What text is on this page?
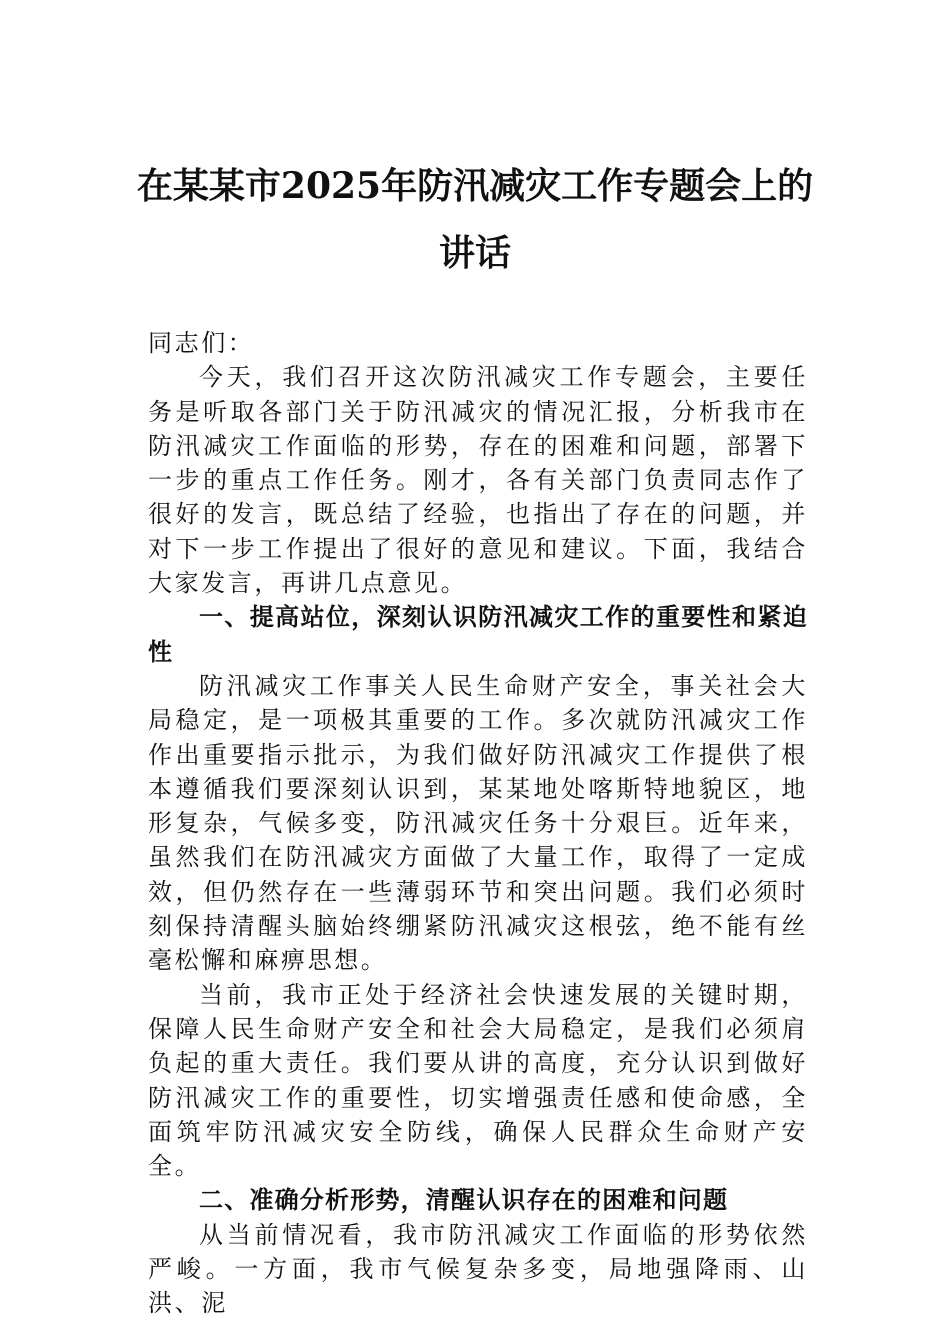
在某某市2025年防汛减灾工作专题会上的
讲话

同志们：

今天，我们召开这次防汛减灾工作专题会，主要任务是听取各部门关于防汛减灾的情况汇报，分析我市在防汛减灾工作面临的形势，存在的困难和问题，部署下一步的重点工作任务。刚才，各有关部门负责同志作了很好的发言，既总结了经验，也指出了存在的问题，并对下一步工作提出了很好的意见和建议。下面，我结合大家发言，再讲几点意见。

一、提高站位，深刻认识防汛减灾工作的重要性和紧迫性

防汛减灾工作事关人民生命财产安全，事关社会大局稳定，是一项极其重要的工作。多次就防汛减灾工作作出重要指示批示，为我们做好防汛减灾工作提供了根本遵循我们要深刻认识到，某某地处喀斯特地貌区，地形复杂，气候多变，防汛减灾任务十分艰巨。近年来，虽然我们在防汛减灾方面做了大量工作，取得了一定成效，但仍然存在一些薄弱环节和突出问题。我们必须时刻保持清醒头脑始终绷紧防汛减灾这根弦，绝不能有丝毫松懈和麻痹思想。

当前，我市正处于经济社会快速发展的关键时期，保障人民生命财产安全和社会大局稳定，是我们必须肩负起的重大责任。我们要从讲的高度，充分认识到做好防汛减灾工作的重要性，切实增强责任感和使命感，全面筑牢防汛减灾安全防线，确保人民群众生命财产安全。

二、准确分析形势，清醒认识存在的困难和问题

从当前情况看，我市防汛减灾工作面临的形势依然严峻。一方面，我市气候复杂多变，局地强降雨、山洪、泥
